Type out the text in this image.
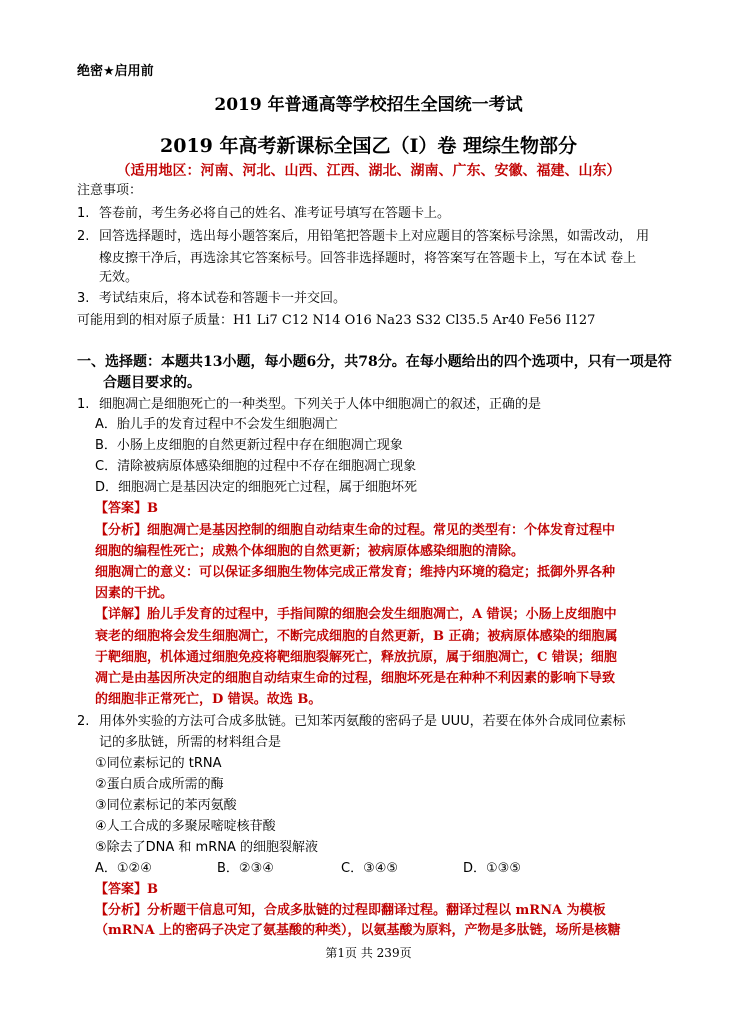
绝密★启用前
2019 年普通高等学校招生全国统一考试
2019 年高考新课标全国乙（Ⅰ）卷 理综生物部分
（适用地区：河南、河北、山西、江西、湖北、湖南、广东、安徽、福建、山东）
注意事项：
1. 答卷前，考生务必将自己的姓名、准考证号填写在答题卡上。
2. 回答选择题时，选出每小题答案后，用铅笔把答题卡上对应题目的答案标号涂黑，如需改动， 用
橡皮擦干净后，再选涂其它答案标号。回答非选择题时，将答案写在答题卡上，写在本试 卷上
无效。
3. 考试结束后，将本试卷和答题卡一并交回。
可能用到的相对原子质量：H1 Li7 C12 N14 O16 Na23 S32 Cl35.5 Ar40 Fe56 I127
一、选择题：本题共13小题，每小题6分，共78分。在每小题给出的四个选项中，只有一项是符
合题目要求的。
1. 细胞凋亡是细胞死亡的一种类型。下列关于人体中细胞凋亡的叙述，正确的是
A．胎儿手的发育过程中不会发生细胞凋亡
B．小肠上皮细胞的自然更新过程中存在细胞凋亡现象
C．清除被病原体感染细胞的过程中不存在细胞凋亡现象
D．细胞凋亡是基因决定的细胞死亡过程，属于细胞坏死
【答案】B
【分析】细胞凋亡是基因控制的细胞自动结束生命的过程。常见的类型有：个体发育过程中
细胞的编程性死亡；成熟个体细胞的自然更新；被病原体感染细胞的清除。
细胞凋亡的意义：可以保证多细胞生物体完成正常发育；维持内环境的稳定；抵御外界各种
因素的干扰。
【详解】胎儿手发育的过程中，手指间隙的细胞会发生细胞凋亡，A 错误；小肠上皮细胞中
衰老的细胞将会发生细胞凋亡，不断完成细胞的自然更新，B 正确；被病原体感染的细胞属
于靶细胞，机体通过细胞免疫将靶细胞裂解死亡，释放抗原，属于细胞凋亡，C 错误；细胞
凋亡是由基因所决定的细胞自动结束生命的过程，细胞坏死是在种种不利因素的影响下导致
的细胞非正常死亡，D 错误。故选 B。
2. 用体外实验的方法可合成多肽链。已知苯丙氨酸的密码子是 UUU，若要在体外合成同位素标
记的多肽链，所需的材料组合是
①同位素标记的 tRNA
②蛋白质合成所需的酶
③同位素标记的苯丙氨酸
④人工合成的多聚尿嘧啶核苷酸
⑤除去了DNA 和 mRNA 的细胞裂解液
A．①②④	B．②③④	C．③④⑤	D．①③⑤
【答案】B
【分析】分析题干信息可知，合成多肽链的过程即翻译过程。翻译过程以 mRNA 为模板
（mRNA 上的密码子决定了氨基酸的种类），以氨基酸为原料，产物是多肽链，场所是核糖
第1页 共 239页
